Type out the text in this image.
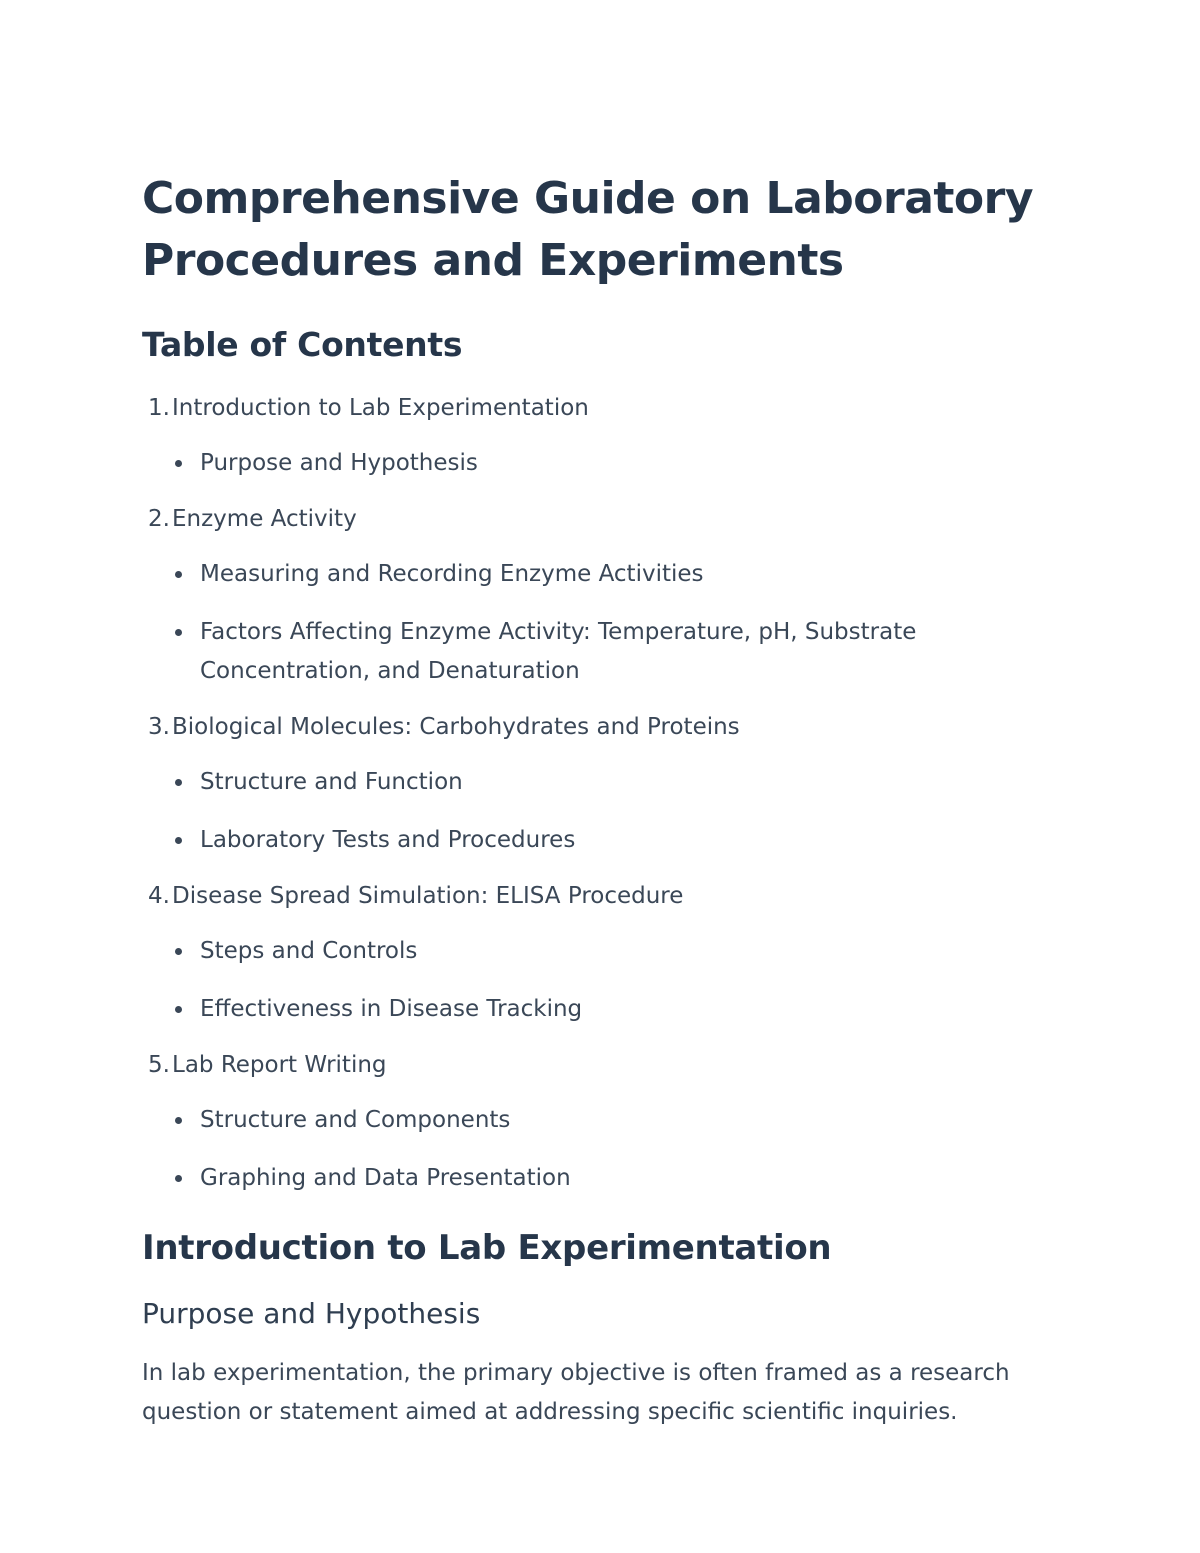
Comprehensive Guide on Laboratory Procedures and Experiments
Table of Contents
1. Introduction to Lab Experimentation
Purpose and Hypothesis
2. Enzyme Activity
Measuring and Recording Enzyme Activities
Factors Affecting Enzyme Activity: Temperature, pH, Substrate Concentration, and Denaturation
3. Biological Molecules: Carbohydrates and Proteins
Structure and Function
Laboratory Tests and Procedures
4. Disease Spread Simulation: ELISA Procedure
Steps and Controls
Effectiveness in Disease Tracking
5. Lab Report Writing
Structure and Components
Graphing and Data Presentation
Introduction to Lab Experimentation
Purpose and Hypothesis

In lab experimentation, the primary objective is often framed as a research question or statement aimed at addressing specific scientific inquiries.
